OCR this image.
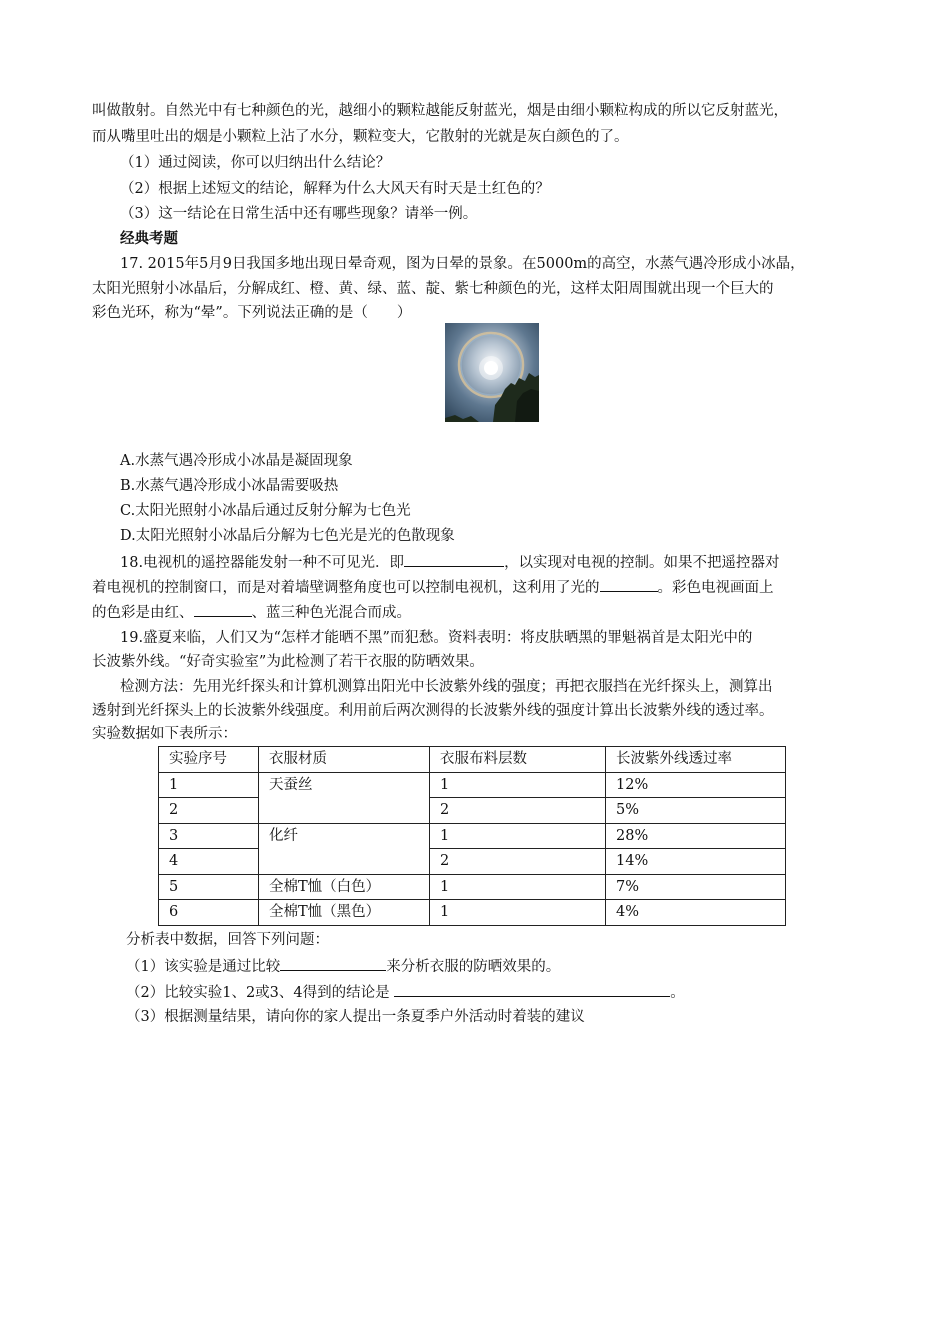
叫做散射。自然光中有七种颜色的光，越细小的颗粒越能反射蓝光，烟是由细小颗粒构成的所以它反射蓝光，
而从嘴里吐出的烟是小颗粒上沾了水分，颗粒变大，它散射的光就是灰白颜色的了。
（1）通过阅读，你可以归纳出什么结论？
（2）根据上述短文的结论，解释为什么大风天有时天是土红色的？
（3）这一结论在日常生活中还有哪些现象？请举一例。
经典考题
17. 2015年5月9日我国多地出现日晕奇观，图为日晕的景象。在5000m的高空，水蒸气遇冷形成小冰晶，
太阳光照射小冰晶后，分解成红、橙、黄、绿、蓝、靛、紫七种颜色的光，这样太阳周围就出现一个巨大的
彩色光环，称为“晕”。下列说法正确的是（　　）
A.水蒸气遇冷形成小冰晶是凝固现象
B.水蒸气遇冷形成小冰晶需要吸热
C.太阳光照射小冰晶后通过反射分解为七色光
D.太阳光照射小冰晶后分解为七色光是光的色散现象
18.电视机的遥控器能发射一种不可见光．即	，以实现对电视的控制。如果不把遥控器对
着电视机的控制窗口，而是对着墙壁调整角度也可以控制电视机，这利用了光的	。彩色电视画面上
的色彩是由红、	、蓝三种色光混合而成。
19.盛夏来临，人们又为“怎样才能晒不黑”而犯愁。资料表明：将皮肤晒黑的罪魁祸首是太阳光中的
长波紫外线。“好奇实验室”为此检测了若干衣服的防晒效果。
检测方法：先用光纤探头和计算机测算出阳光中长波紫外线的强度；再把衣服挡在光纤探头上，测算出
透射到光纤探头上的长波紫外线强度。利用前后两次测得的长波紫外线的强度计算出长波紫外线的透过率。
实验数据如下表所示：
实验序号	衣服材质	衣服布料层数	长波紫外线透过率
1	天蚕丝	1	12%
2		2	5%
3	化纤	1	28%
4		2	14%
5	全棉T恤（白色）	1	7%
6	全棉T恤（黑色）	1	4%
分析表中数据，回答下列问题：
（1）该实验是通过比较	来分析衣服的防晒效果的。
（2）比较实验1、2或3、4得到的结论是	。
（3）根据测量结果，请向你的家人提出一条夏季户外活动时着装的建议
